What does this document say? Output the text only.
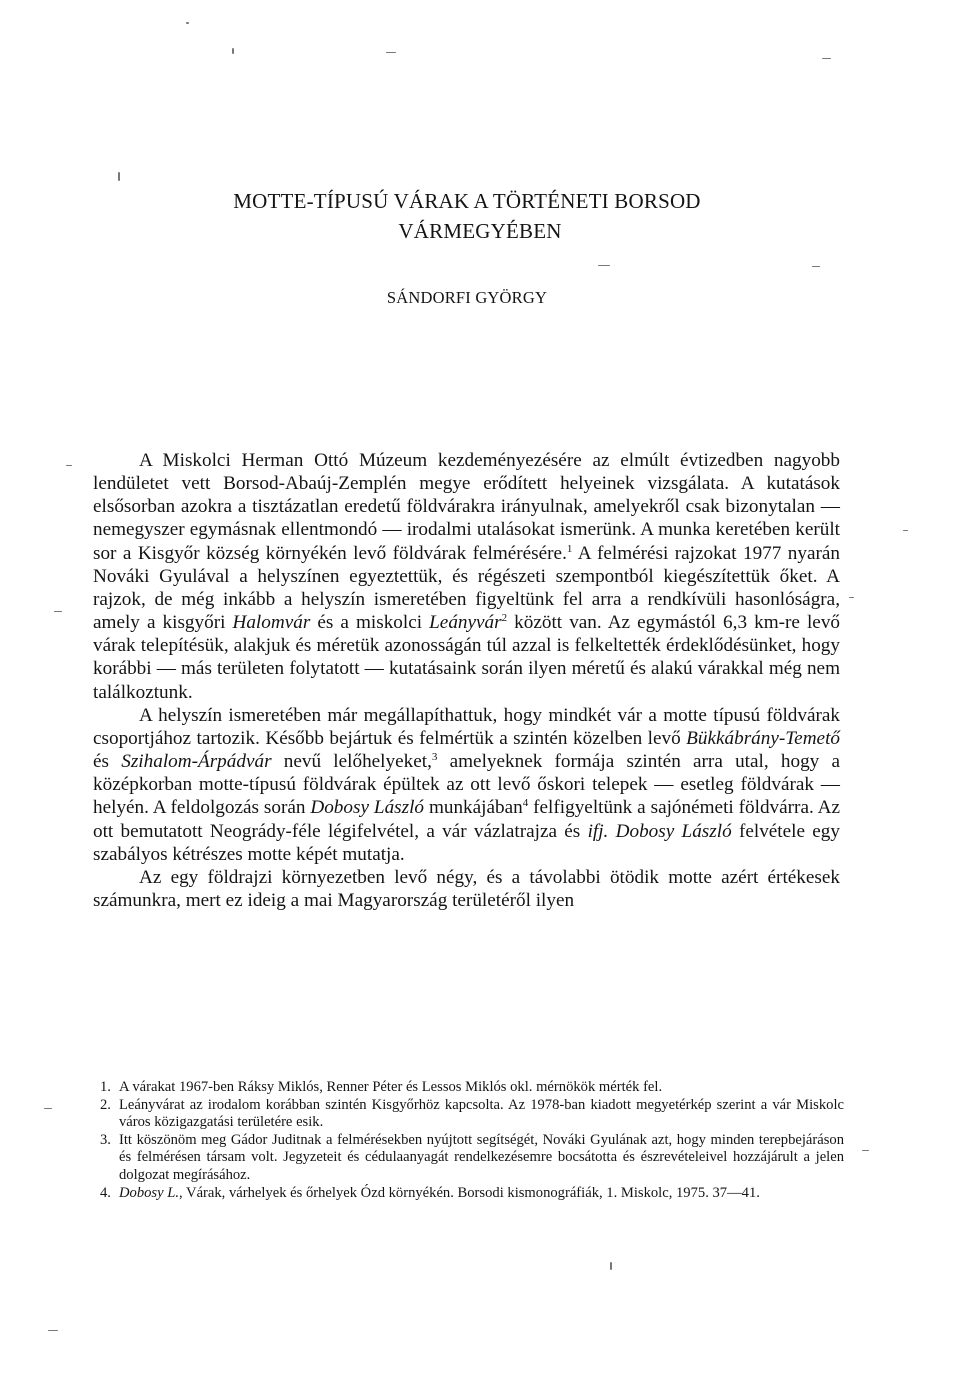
MOTTE-TÍPUSÚ VÁRAK A TÖRTÉNETI BORSOD
VÁRMEGYÉBEN
SÁNDORFI GYÖRGY

A Miskolci Herman Ottó Múzeum kezdeményezésére az elmúlt évtizedben nagyobb lendületet vett Borsod-Abaúj-Zemplén megye erődített helyeinek vizsgálata. A kutatások elsősorban azokra a tisztázatlan eredetű földvárakra irányulnak, amelyekről csak bizonytalan — nemegyszer egymásnak ellentmondó — irodalmi utalásokat ismerünk. A munka keretében került sor a Kisgyőr község környékén levő földvárak felmérésére.$^1$ A felmérési rajzokat 1977 nyarán Nováki Gyulával a helyszínen egyeztettük, és régészeti szempontból kiegészítettük őket. A rajzok, de még inkább a helyszín ismeretében figyeltünk fel arra a rendkívüli hasonlóságra, amely a kisgyőri Halomvár és a miskolci Leányvár$^2$ között van. Az egymástól 6,3 km-re levő várak telepítésük, alakjuk és méretük azonosságán túl azzal is felkeltették érdeklődésünket, hogy korábbi — más területen folytatott — kutatásaink során ilyen méretű és alakú várakkal még nem találkoztunk.

A helyszín ismeretében már megállapíthattuk, hogy mindkét vár a motte típusú földvárak csoportjához tartozik. Később bejártuk és felmértük a szintén közelben levő Bükkábrány-Temető és Szihalom-Árpádvár nevű lelőhelyeket,$^3$ amelyeknek formája szintén arra utal, hogy a középkorban motte-típusú földvárak épültek az ott levő őskori telepek — esetleg földvárak — helyén. A feldolgozás során Dobosy László munkájában$^4$ felfigyeltünk a sajónémeti földvárra. Az ott bemutatott Neogrády-féle légifelvétel, a vár vázlatrajza és ifj. Dobosy László felvétele egy szabályos kétrészes motte képét mutatja.

Az egy földrajzi környezetben levő négy, és a távolabbi ötödik motte azért értékesek számunkra, mert ez ideig a mai Magyarország területéről ilyen

1. A várakat 1967-ben Ráksy Miklós, Renner Péter és Lessos Miklós okl. mérnökök mérték fel.
2. Leányvárat az irodalom korábban szintén Kisgyőrhöz kapcsolta. Az 1978-ban kiadott megyetérkép szerint a vár Miskolc város közigazgatási területére esik.
3. Itt köszönöm meg Gádor Juditnak a felmérésekben nyújtott segítségét, Nováki Gyulának azt, hogy minden terepbejáráson és felmérésen társam volt. Jegyzeteit és cédulaanyagát rendelkezésemre bocsátotta és észrevételeivel hozzájárult a jelen dolgozat megírásához.
4. Dobosy L., Várak, várhelyek és őrhelyek Ózd környékén. Borsodi kismonográfiák, 1. Miskolc, 1975. 37—41.
